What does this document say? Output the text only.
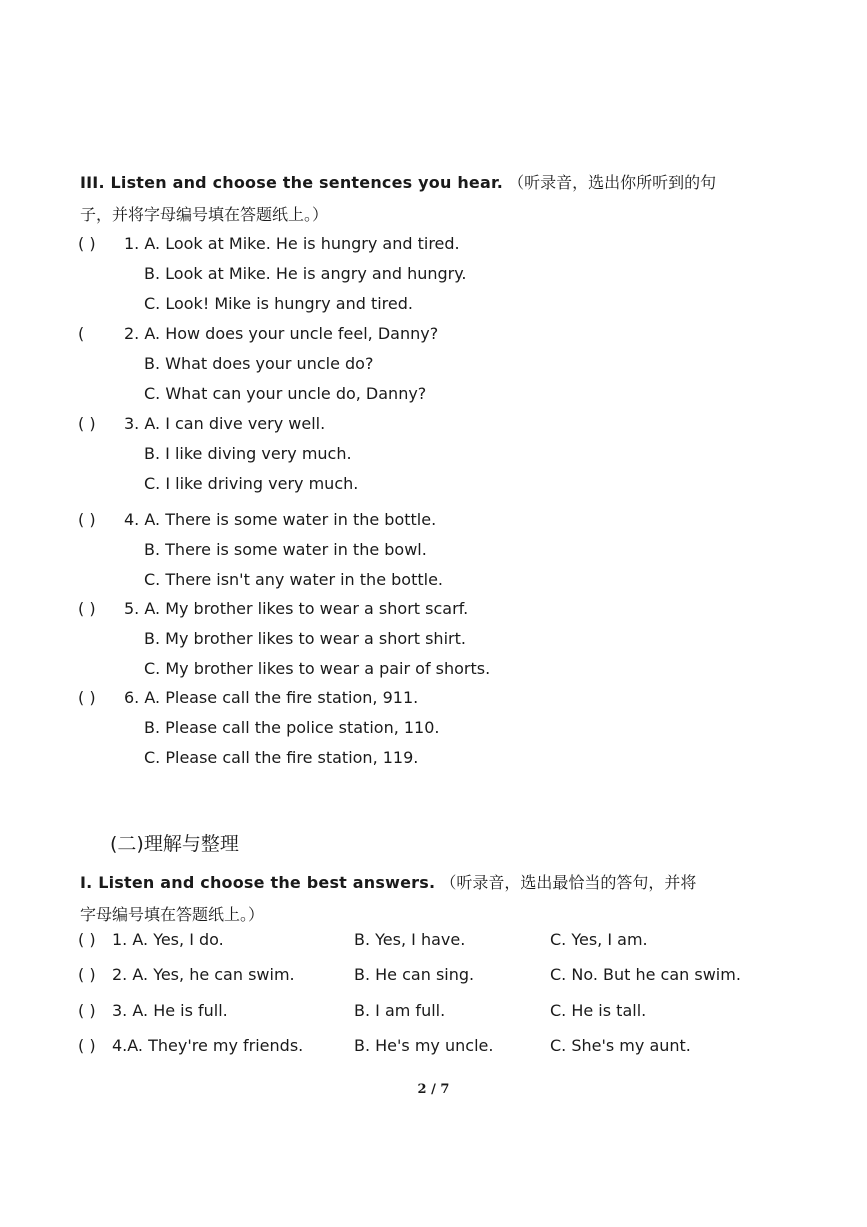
III. Listen and choose the sentences you hear. （听录音，选出你所听到的句
子，并将字母编号填在答题纸上。）
( )	1. A. Look at Mike. He is hungry and tired.
B. Look at Mike. He is angry and hungry.
C. Look! Mike is hungry and tired.
(	2. A. How does your uncle feel, Danny?
B. What does your uncle do?
C. What can your uncle do, Danny?
( )	3. A. I can dive very well.
B. I like diving very much.
C. I like driving very much.
( )	4. A. There is some water in the bottle.
B. There is some water in the bowl.
C. There isn't any water in the bottle.
( )	5. A. My brother likes to wear a short scarf.
B. My brother likes to wear a short shirt.
C. My brother likes to wear a pair of shorts.
( )	6. A. Please call the fire station, 911.
B. Please call the police station, 110.
C. Please call the fire station, 119.
(二)理解与整理
I. Listen and choose the best answers. （听录音，选出最恰当的答句，并将
字母编号填在答题纸上。）
( ) 1. A. Yes, I do.	B. Yes, I have.	C. Yes, I am.
( ) 2. A. Yes, he can swim.	B. He can sing.	C. No. But he can swim.
( ) 3. A. He is full.	B. I am full.	C. He is tall.
( ) 4.A. They're my friends.	B. He's my uncle.	C. She's my aunt.
2 / 7
